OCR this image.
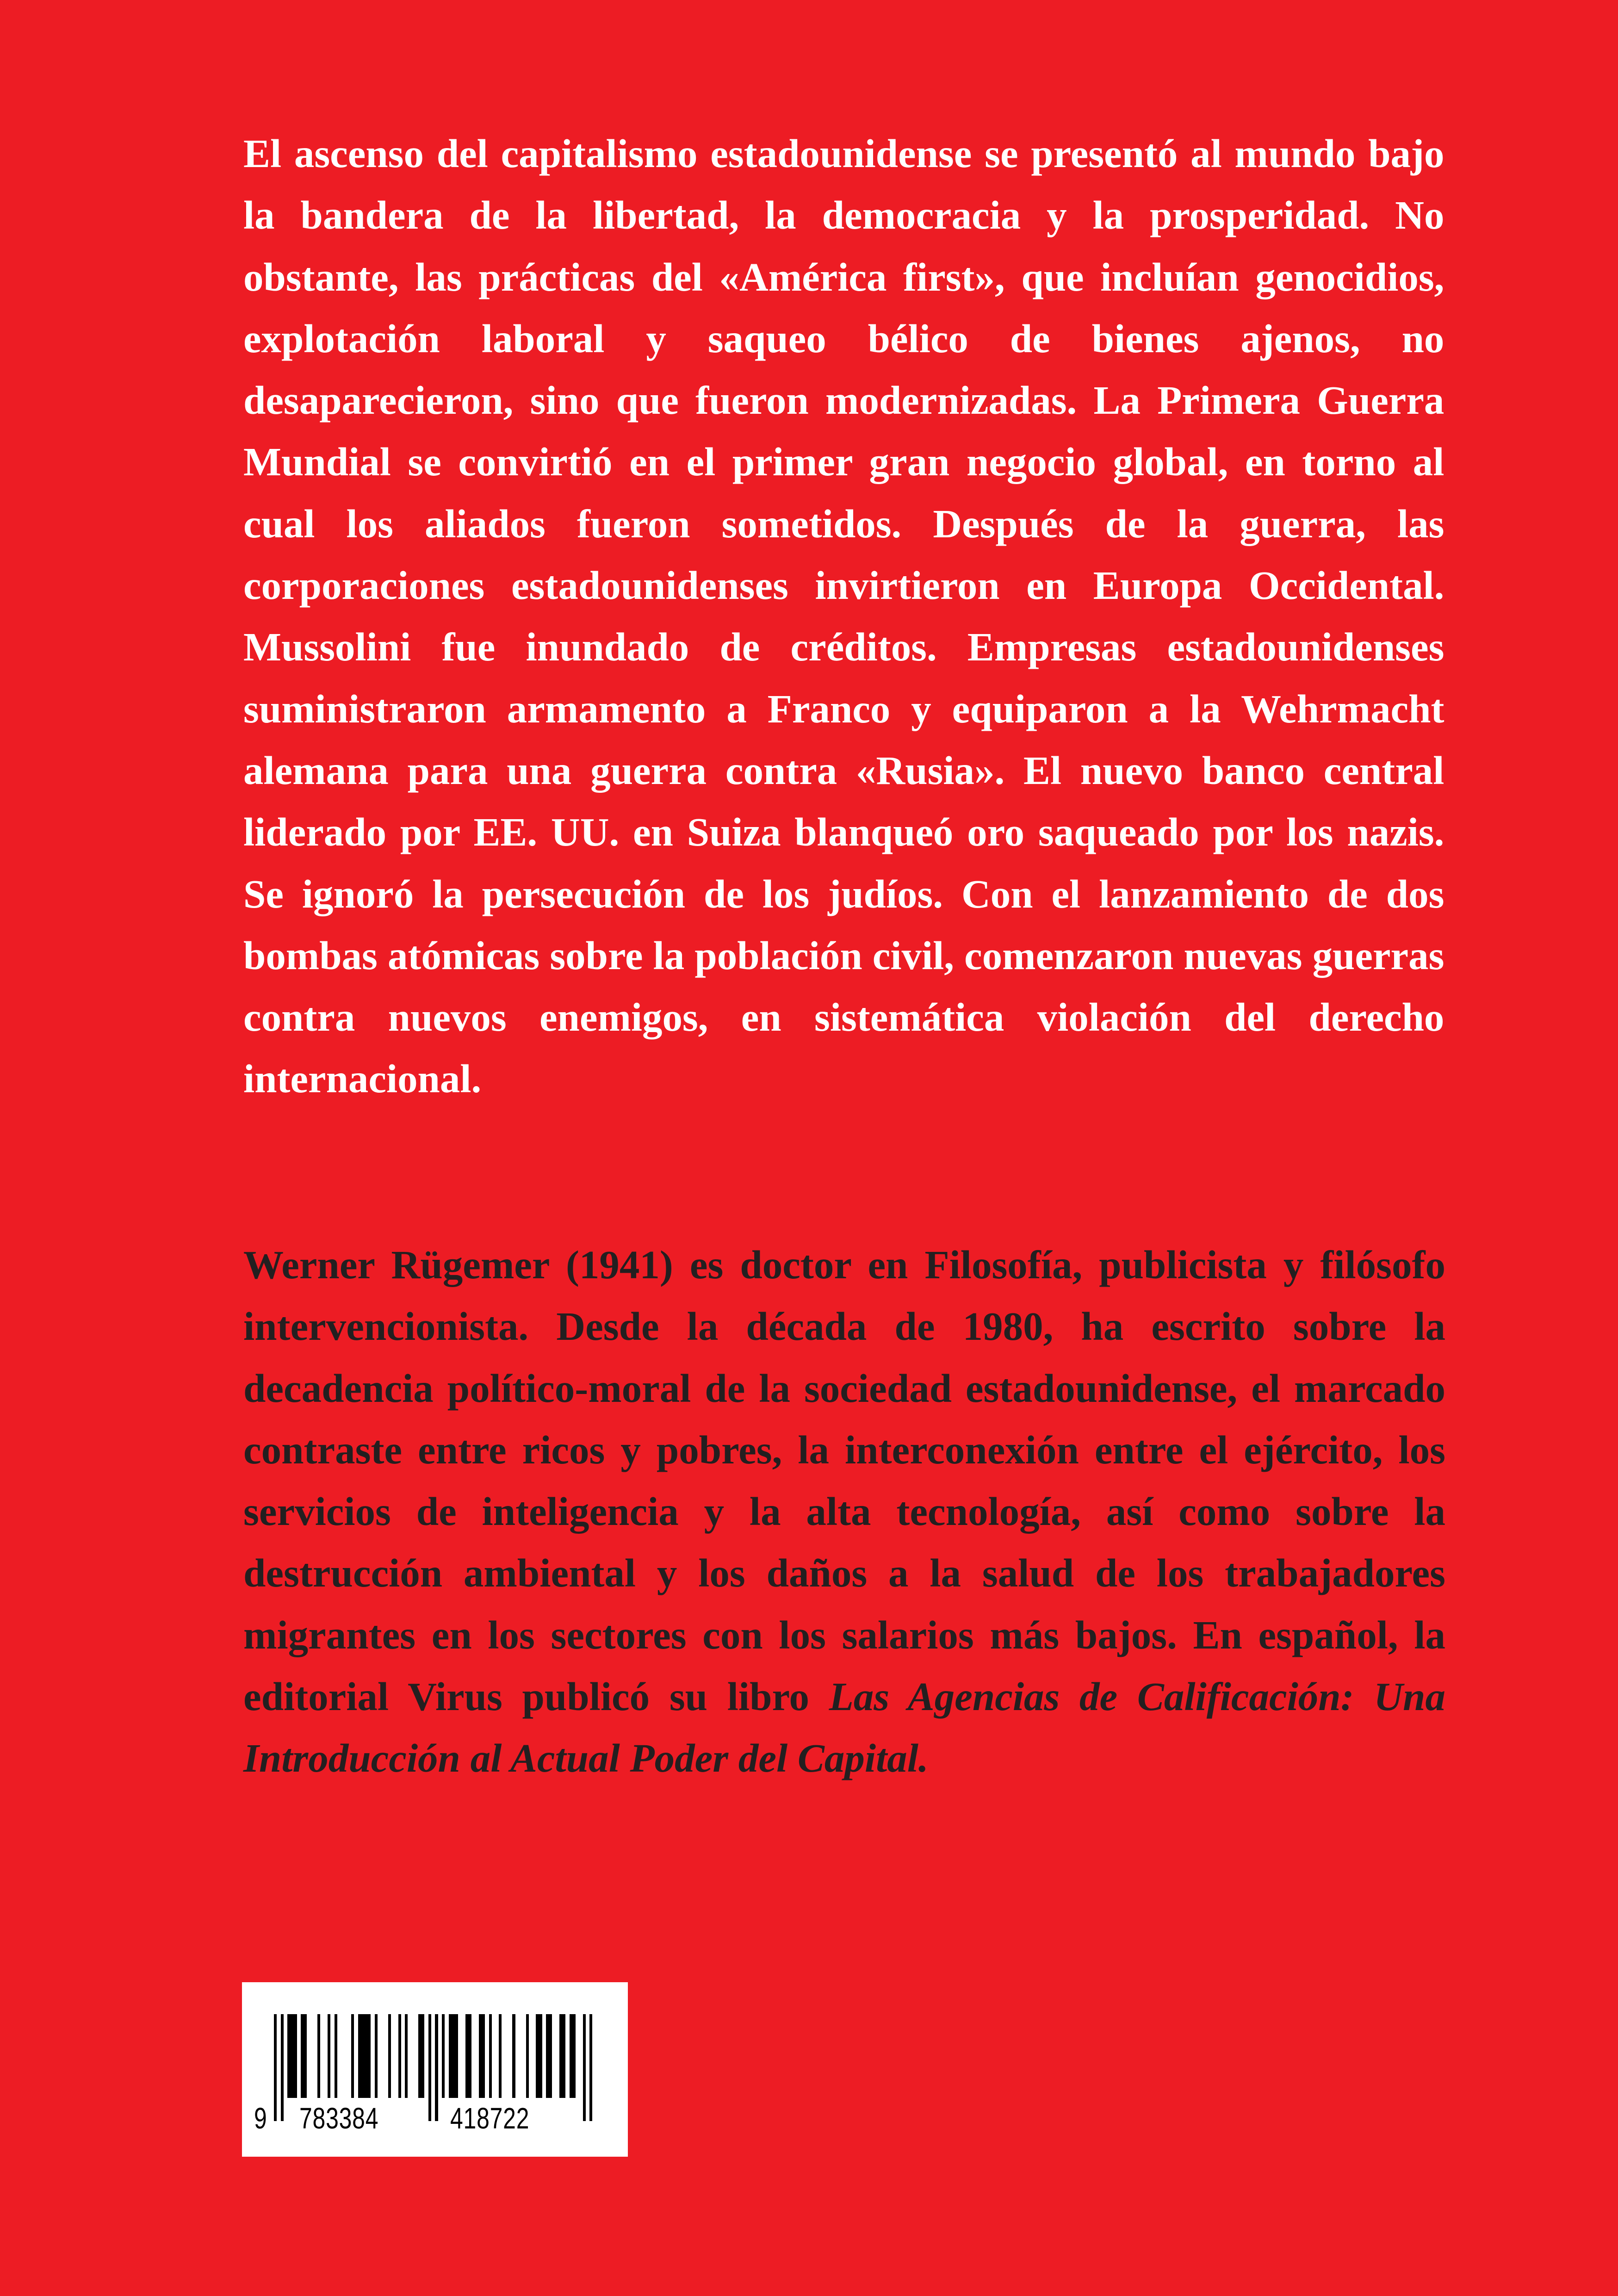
El ascenso del capitalismo estadounidense se presentó al mundo bajo la bandera de la libertad, la democracia y la prosperidad. No obstante, las prácticas del «América first», que incluían genocidios, explotación laboral y saqueo bélico de bienes ajenos, no desaparecieron, sino que fueron modernizadas. La Primera Guerra Mundial se convirtió en el primer gran negocio global, en torno al cual los aliados fueron sometidos. Después de la guerra, las corporaciones estadounidenses invirtieron en Europa Occidental. Mussolini fue inundado de créditos. Empresas estadounidenses suministraron armamento a Franco y equiparon a la Wehrmacht alemana para una guerra contra «Rusia». El nuevo banco central liderado por EE. UU. en Suiza blanqueó oro saqueado por los nazis. Se ignoró la persecución de los judíos. Con el lanzamiento de dos bombas atómicas sobre la población civil, comenzaron nuevas guerras contra nuevos enemigos, en sistemática violación del derecho internacional.

Werner Rügemer (1941) es doctor en Filosofía, publicista y filósofo intervencionista. Desde la década de 1980, ha escrito sobre la decadencia político-moral de la sociedad estadounidense, el marcado contraste entre ricos y pobres, la interconexión entre el ejército, los servicios de inteligencia y la alta tecnología, así como sobre la destrucción ambiental y los daños a la salud de los trabajadores migrantes en los sectores con los salarios más bajos. En español, la editorial Virus publicó su libro Las Agencias de Calificación: Una Introducción al Actual Poder del Capital.

9 783384 418722
